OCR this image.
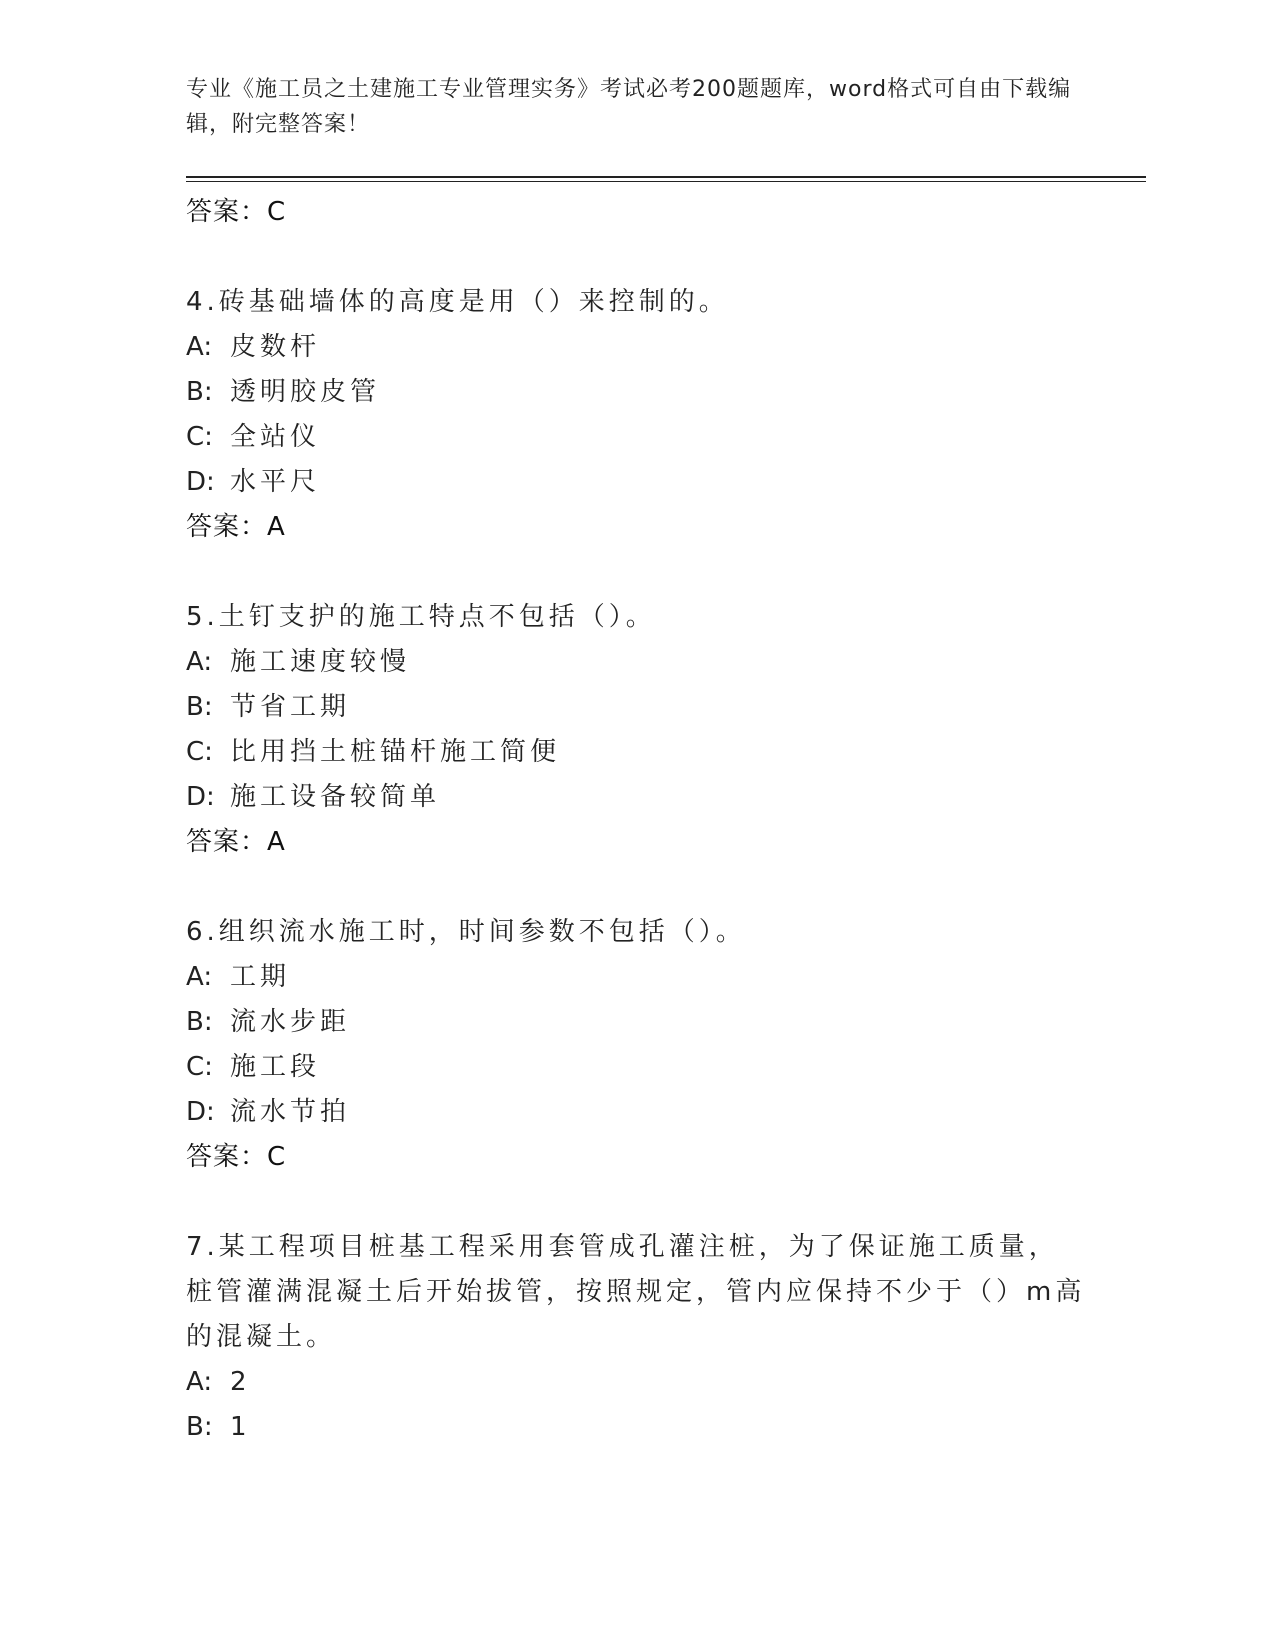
专业《施工员之土建施工专业管理实务》考试必考200题题库，word格式可自由下载编辑，附完整答案！
答案：C
4.砖基础墙体的高度是用（）来控制的。
A: 皮数杆
B: 透明胶皮管
C: 全站仪
D: 水平尺
答案：A
5.土钉支护的施工特点不包括（）。
A: 施工速度较慢
B: 节省工期
C: 比用挡土桩锚杆施工简便
D: 施工设备较简单
答案：A
6.组织流水施工时，时间参数不包括（）。
A: 工期
B: 流水步距
C: 施工段
D: 流水节拍
答案：C
7.某工程项目桩基工程采用套管成孔灌注桩，为了保证施工质量，桩管灌满混凝土后开始拔管，按照规定，管内应保持不少于（）m高的混凝土。
A: 2
B: 1
